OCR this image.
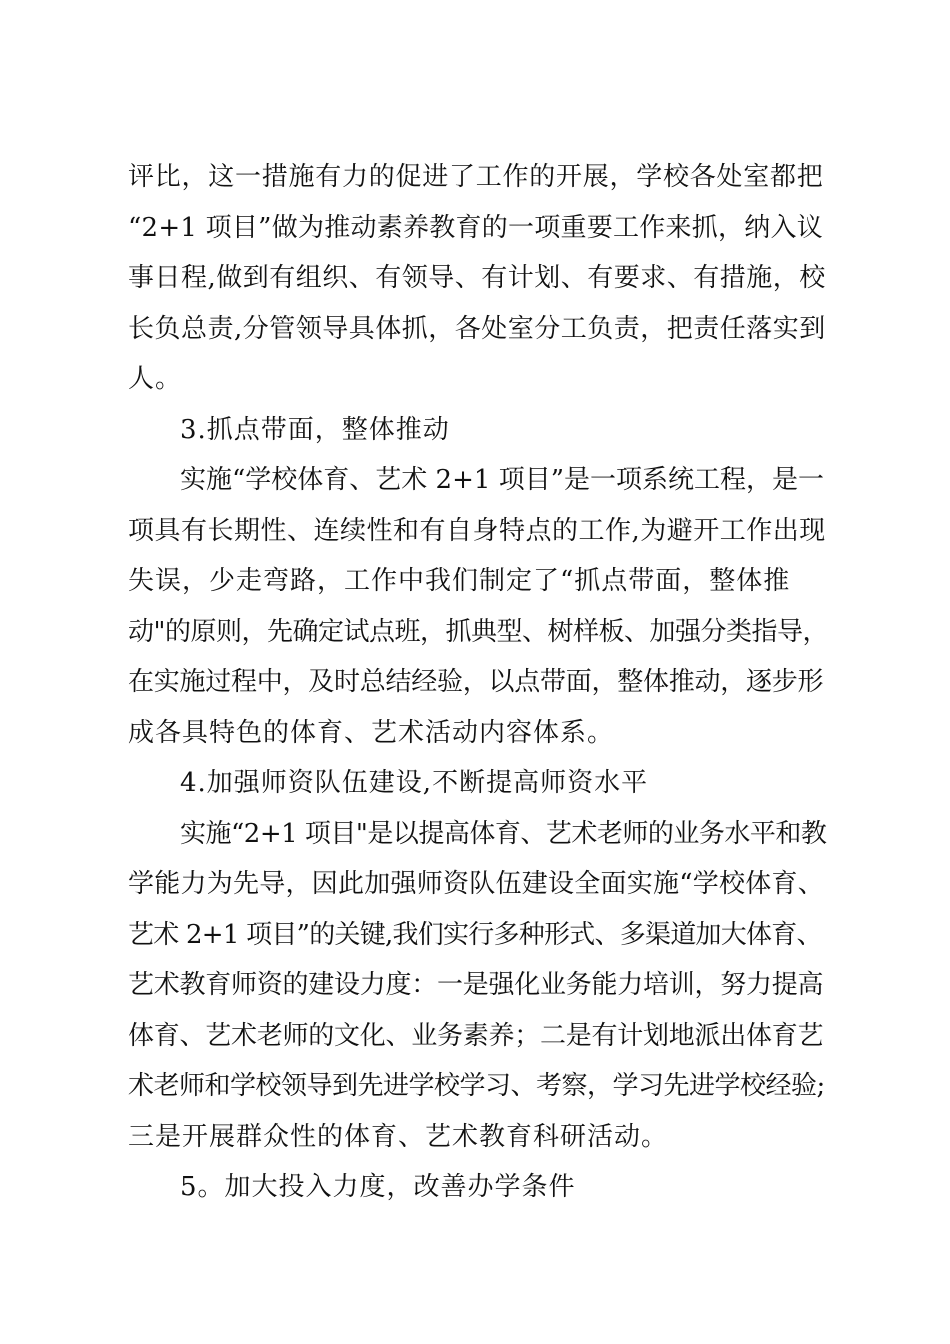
评比，这一措施有力的促进了工作的开展，学校各处室都把
“2+1 项目”做为推动素养教育的一项重要工作来抓，纳入议
事日程,做到有组织、有领导、有计划、有要求、有措施，校
长负总责,分管领导具体抓，各处室分工负责，把责任落实到
人。
3.抓点带面，整体推动
实施“学校体育、艺术 2+1 项目”是一项系统工程，是一
项具有长期性、连续性和有自身特点的工作,为避开工作出现
失误，少走弯路，工作中我们制定了“抓点带面，整体推
动"的原则，先确定试点班，抓典型、树样板、加强分类指导，
在实施过程中，及时总结经验，以点带面，整体推动，逐步形
成各具特色的体育、艺术活动内容体系。
4.加强师资队伍建设,不断提高师资水平
实施“2+1 项目"是以提高体育、艺术老师的业务水平和教
学能力为先导，因此加强师资队伍建设全面实施“学校体育、
艺术 2+1 项目”的关键,我们实行多种形式、多渠道加大体育、
艺术教育师资的建设力度：一是强化业务能力培训，努力提高
体育、艺术老师的文化、业务素养；二是有计划地派出体育艺
术老师和学校领导到先进学校学习、考察，学习先进学校经验;
三是开展群众性的体育、艺术教育科研活动。
5。加大投入力度，改善办学条件
